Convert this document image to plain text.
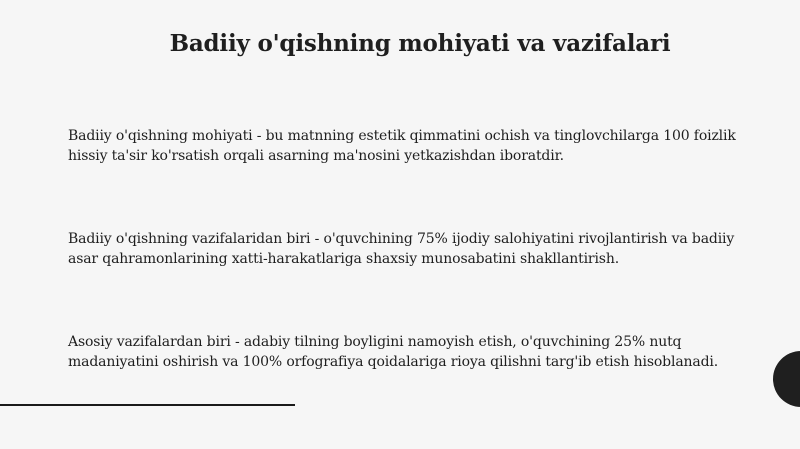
Badiiy o'qishning mohiyati va vazifalari

Badiiy o'qishning mohiyati - bu matnning estetik qimmatini ochish va tinglovchilarga 100 foizlik hissiy ta'sir ko'rsatish orqali asarning ma'nosini yetkazishdan iboratdir.

Badiiy o'qishning vazifalaridan biri - o'quvchining 75% ijodiy salohiyatini rivojlantirish va badiiy asar qahramonlarining xatti-harakatlariga shaxsiy munosabatini shakllantirish.

Asosiy vazifalardan biri - adabiy tilning boyligini namoyish etish, o'quvchining 25% nutq madaniyatini oshirish va 100% orfografiya qoidalariga rioya qilishni targ'ib etish hisoblanadi.
